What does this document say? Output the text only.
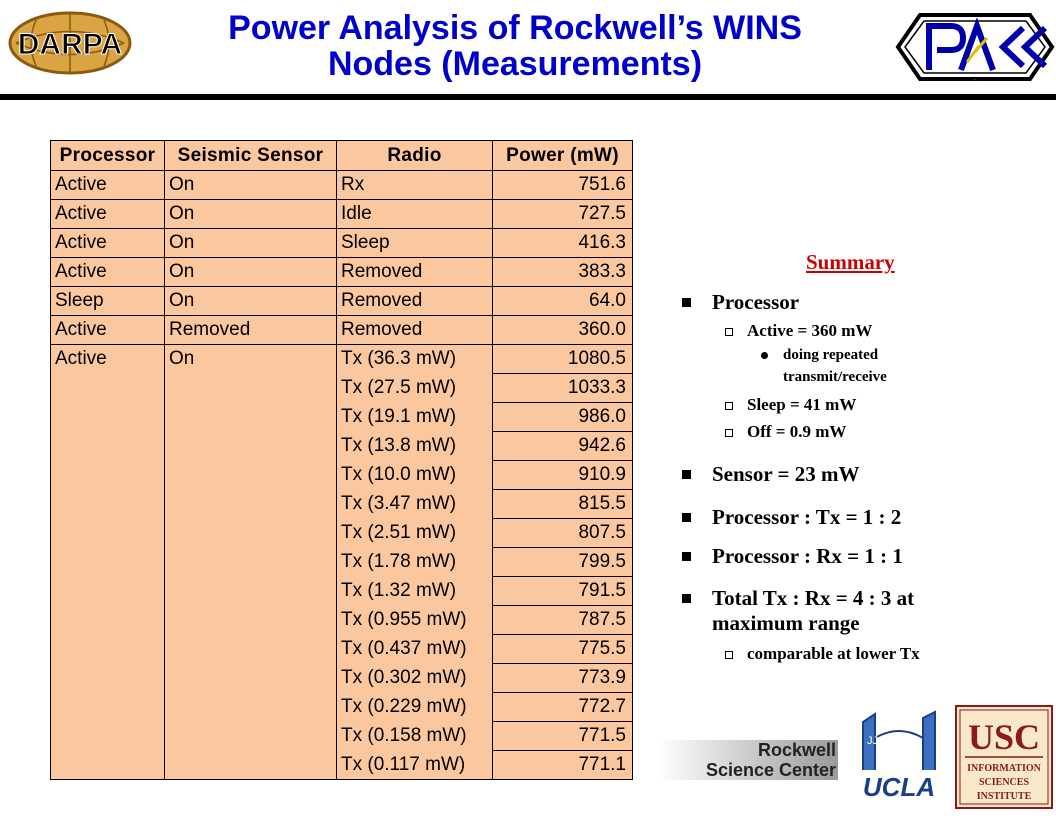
DARPA	Power Analysis of Rockwell’s WINS
Nodes (Measurements)	PACC
Processor	Seismic Sensor	Radio	Power (mW)
Active	On	Rx	751.6
Active	On	Idle	727.5
Active	On	Sleep	416.3
Active	On	Removed	383.3
Sleep	On	Removed	64.0
Active	Removed	Removed	360.0
Active	On	Tx (36.3 mW)	1080.5
		Tx (27.5 mW)	1033.3
		Tx (19.1 mW)	986.0
		Tx (13.8 mW)	942.6
		Tx (10.0 mW)	910.9
		Tx (3.47 mW)	815.5
		Tx (2.51 mW)	807.5
		Tx (1.78 mW)	799.5
		Tx (1.32 mW)	791.5
		Tx (0.955 mW)	787.5
		Tx (0.437 mW)	775.5
		Tx (0.302 mW)	773.9
		Tx (0.229 mW)	772.7
		Tx (0.158 mW)	771.5
		Tx (0.117 mW)	771.1
Summary
Processor
Active = 360 mW
doing repeated
transmit/receive
Sleep = 41 mW
Off = 0.9 mW
Sensor = 23 mW
Processor : Tx = 1 : 2
Processor : Rx = 1 : 1
Total Tx : Rx = 4 : 3 at
maximum range
comparable at lower Tx
Rockwell
Science Center
JJJ
UCLA
USC
INFORMATION
SCIENCES
INSTITUTE
